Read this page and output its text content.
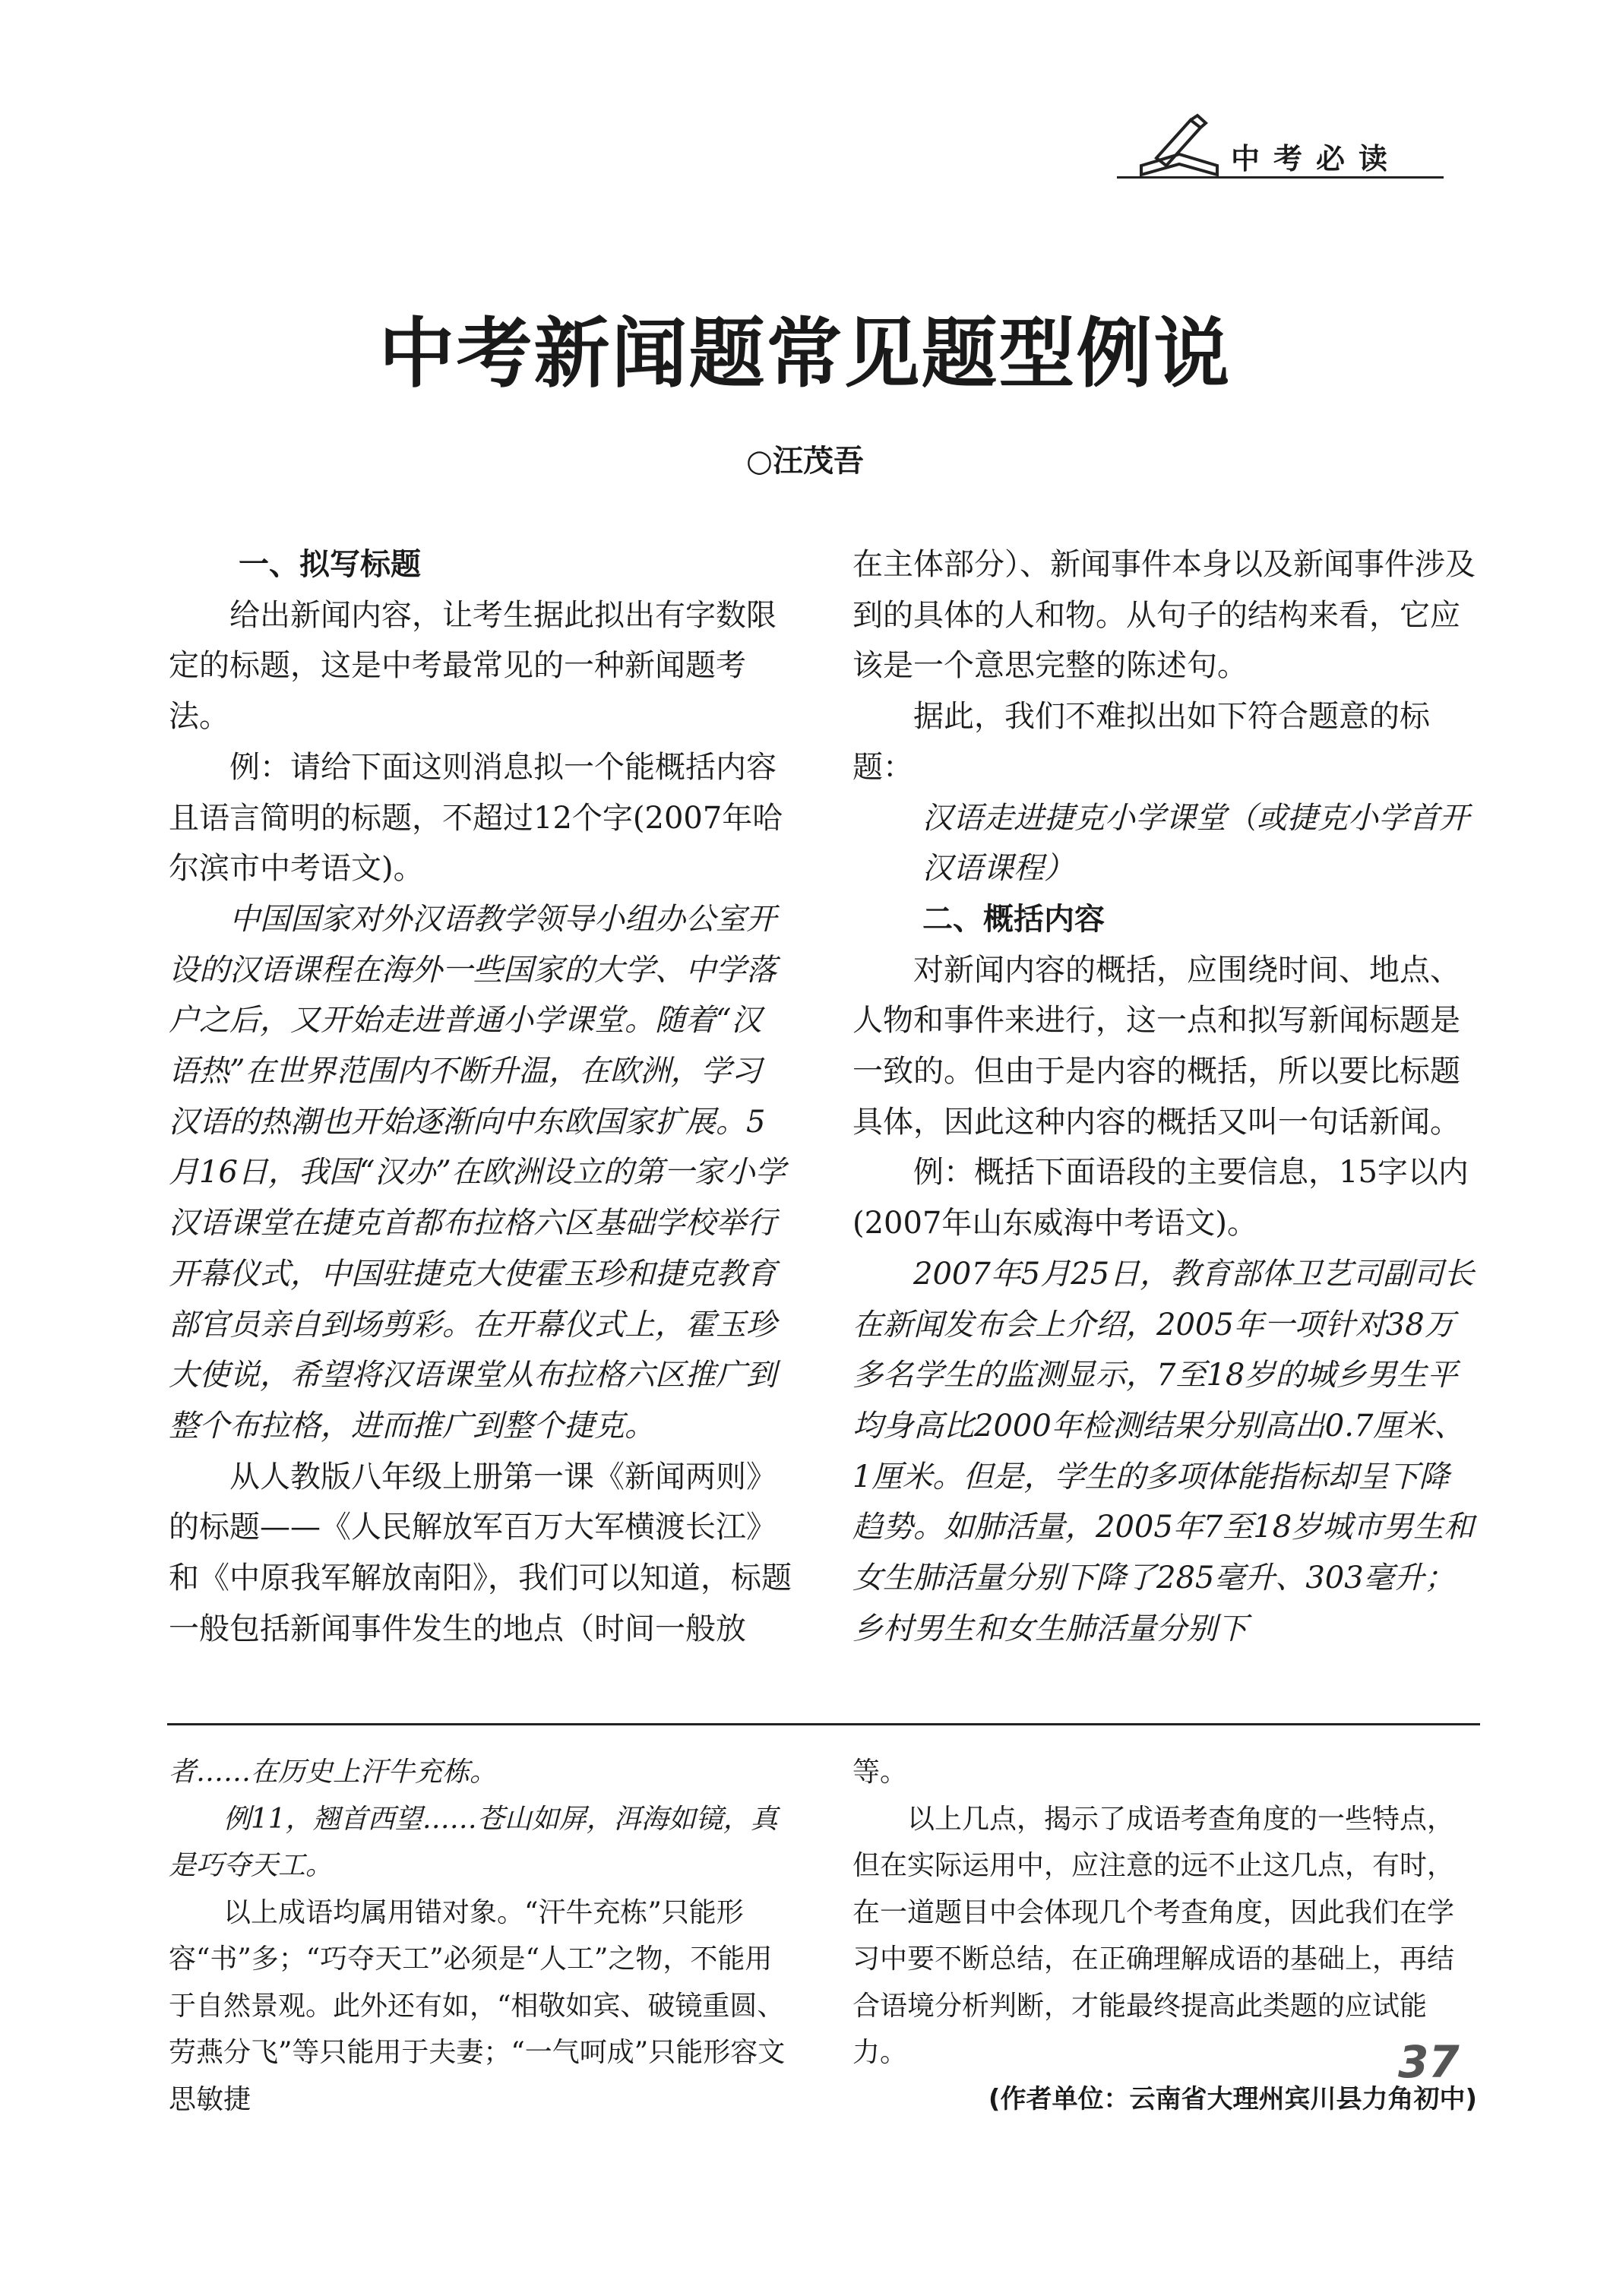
中考必读
中考新闻题常见题型例说
○汪茂吾

一、拟写标题

给出新闻内容，让考生据此拟出有字数限定的标题，这是中考最常见的一种新闻题考法。

例：请给下面这则消息拟一个能概括内容且语言简明的标题，不超过12个字(2007年哈尔滨市中考语文)。

中国国家对外汉语教学领导小组办公室开设的汉语课程在海外一些国家的大学、中学落户之后，又开始走进普通小学课堂。随着“汉语热”在世界范围内不断升温，在欧洲，学习汉语的热潮也开始逐渐向中东欧国家扩展。5月16日，我国“汉办”在欧洲设立的第一家小学汉语课堂在捷克首都布拉格六区基础学校举行开幕仪式，中国驻捷克大使霍玉珍和捷克教育部官员亲自到场剪彩。在开幕仪式上，霍玉珍大使说，希望将汉语课堂从布拉格六区推广到整个布拉格，进而推广到整个捷克。

从人教版八年级上册第一课《新闻两则》的标题——《人民解放军百万大军横渡长江》和《中原我军解放南阳》，我们可以知道，标题一般包括新闻事件发生的地点（时间一般放

在主体部分）、新闻事件本身以及新闻事件涉及到的具体的人和物。从句子的结构来看，它应该是一个意思完整的陈述句。

据此，我们不难拟出如下符合题意的标题：

汉语走进捷克小学课堂（或捷克小学首开汉语课程）

二、概括内容

对新闻内容的概括，应围绕时间、地点、人物和事件来进行，这一点和拟写新闻标题是一致的。但由于是内容的概括，所以要比标题具体，因此这种内容的概括又叫一句话新闻。

例：概括下面语段的主要信息，15字以内(2007年山东威海中考语文)。

2007年5月25日，教育部体卫艺司副司长在新闻发布会上介绍，2005年一项针对38万多名学生的监测显示，7至18岁的城乡男生平均身高比2000年检测结果分别高出0.7厘米、1厘米。但是，学生的多项体能指标却呈下降趋势。如肺活量，2005年7至18岁城市男生和女生肺活量分别下降了285毫升、303毫升；乡村男生和女生肺活量分别下

者……在历史上汗牛充栋。

例11，翘首西望……苍山如屏，洱海如镜，真是巧夺天工。

以上成语均属用错对象。“汗牛充栋”只能形容“书”多；“巧夺天工”必须是“人工”之物，不能用于自然景观。此外还有如，“相敬如宾、破镜重圆、劳燕分飞”等只能用于夫妻；“一气呵成”只能形容文思敏捷

等。

以上几点，揭示了成语考查角度的一些特点，但在实际运用中，应注意的远不止这几点，有时，在一道题目中会体现几个考查角度，因此我们在学习中要不断总结，在正确理解成语的基础上，再结合语境分析判断，才能最终提高此类题的应试能力。

(作者单位：云南省大理州宾川县力角初中)

37
